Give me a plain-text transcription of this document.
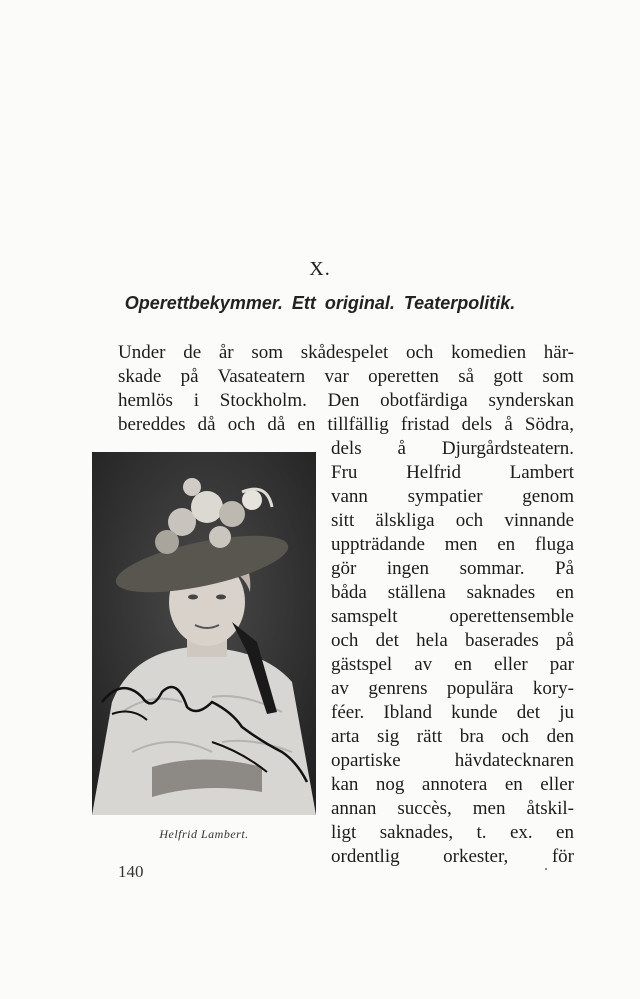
X.
Operettbekymmer. Ett original. Teaterpolitik.
Under de år som skådespelet och komedien här-
skade på Vasateatern var operetten så gott som
hemlös i Stockholm. Den obotfärdiga synderskan
bereddes då och då en tillfällig fristad dels å Södra,
dels å Djurgårdsteatern.
Fru Helfrid Lambert
vann sympatier genom
sitt älskliga och vinnande
uppträdande men en fluga
gör ingen sommar. På
båda ställena saknades en
samspelt operettensemble
och det hela baserades på
gästspel av en eller par
av genrens populära kory-
féer. Ibland kunde det ju
arta sig rätt bra och den
opartiske hävdatecknaren
kan nog annotera en eller
annan succès, men åtskil-
ligt saknades, t. ex. en
ordentlig orkester, för
Helfrid Lambert.
140
